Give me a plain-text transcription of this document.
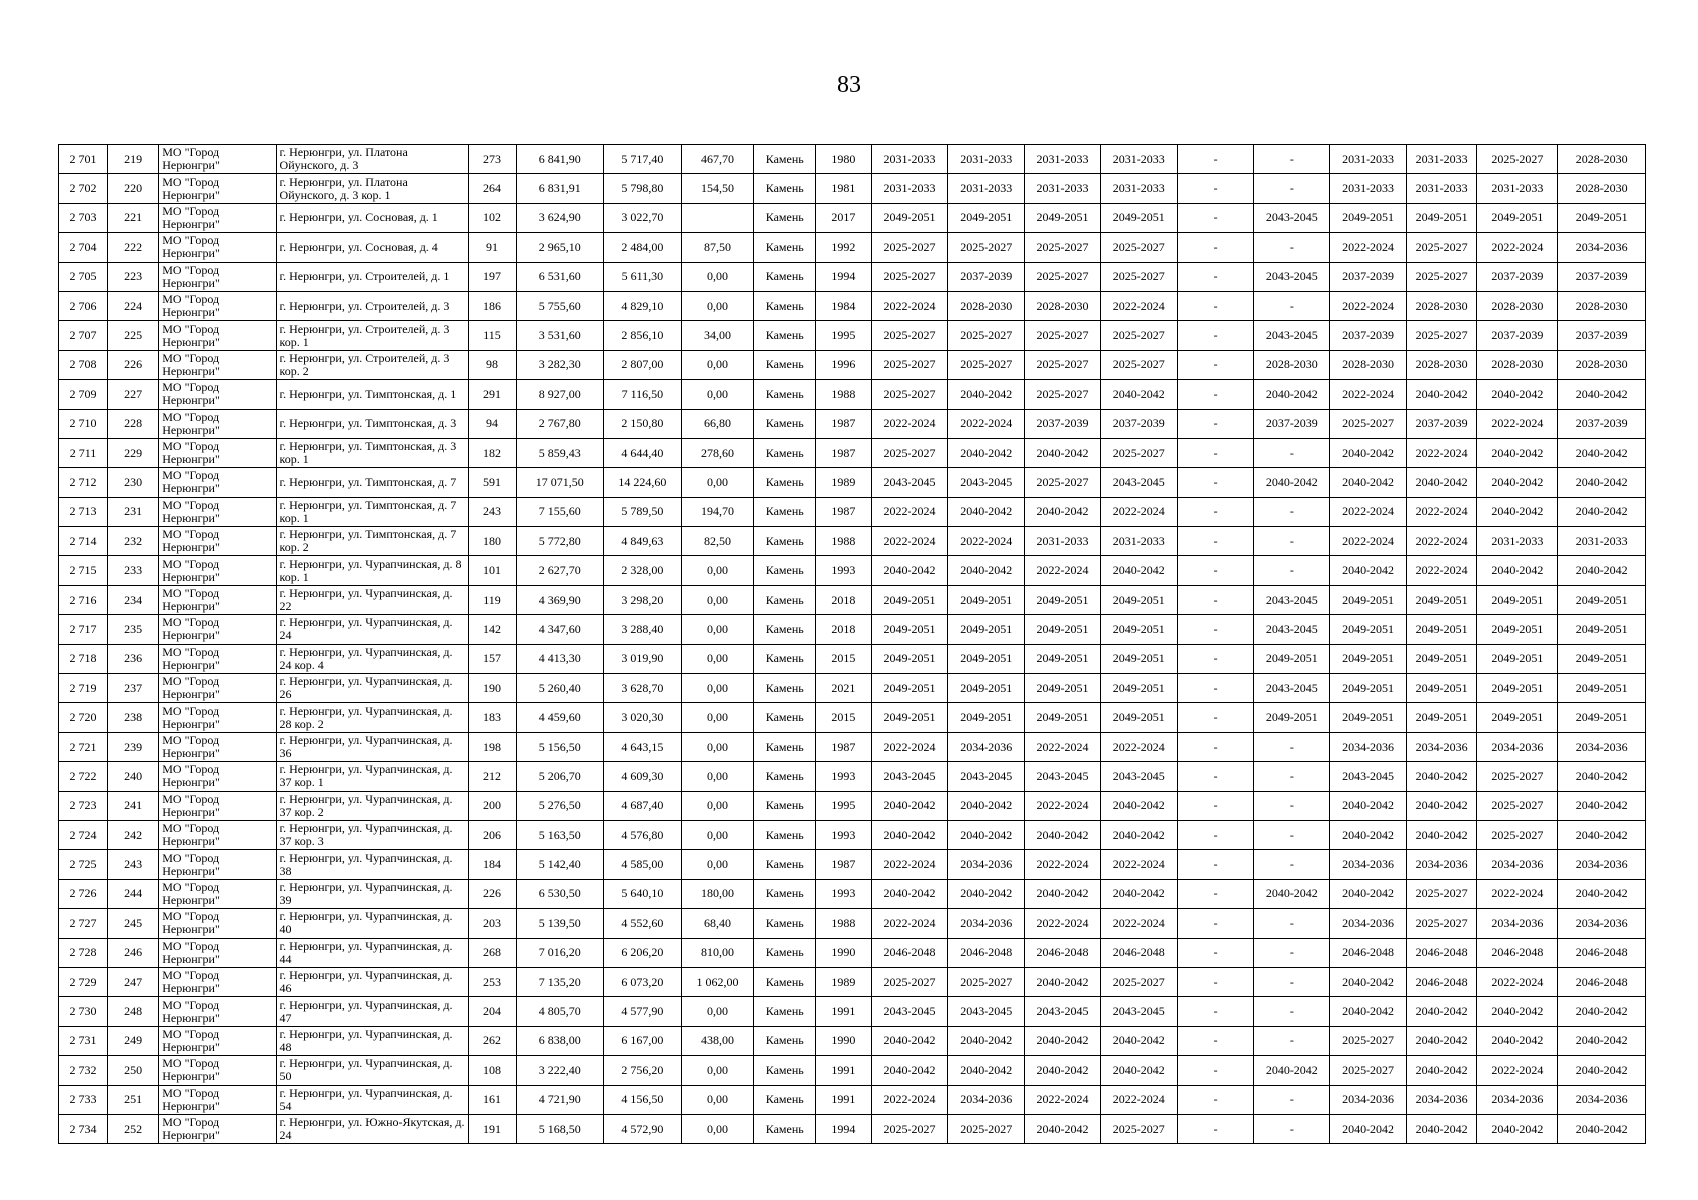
83
2 701	219	МО "Город Нерюнгри"	г. Нерюнгри, ул. Платона Ойунского, д. 3	273	6 841,90	5 717,40	467,70	Камень	1980	2031-2033	2031-2033	2031-2033	2031-2033	-	-	2031-2033	2031-2033	2025-2027	2028-2030
2 702	220	МО "Город Нерюнгри"	г. Нерюнгри, ул. Платона Ойунского, д. 3 кор. 1	264	6 831,91	5 798,80	154,50	Камень	1981	2031-2033	2031-2033	2031-2033	2031-2033	-	-	2031-2033	2031-2033	2031-2033	2028-2030
2 703	221	МО "Город Нерюнгри"	г. Нерюнгри, ул. Сосновая, д. 1	102	3 624,90	3 022,70		Камень	2017	2049-2051	2049-2051	2049-2051	2049-2051	-	2043-2045	2049-2051	2049-2051	2049-2051	2049-2051
2 704	222	МО "Город Нерюнгри"	г. Нерюнгри, ул. Сосновая, д. 4	91	2 965,10	2 484,00	87,50	Камень	1992	2025-2027	2025-2027	2025-2027	2025-2027	-	-	2022-2024	2025-2027	2022-2024	2034-2036
2 705	223	МО "Город Нерюнгри"	г. Нерюнгри, ул. Строителей, д. 1	197	6 531,60	5 611,30	0,00	Камень	1994	2025-2027	2037-2039	2025-2027	2025-2027	-	2043-2045	2037-2039	2025-2027	2037-2039	2037-2039
2 706	224	МО "Город Нерюнгри"	г. Нерюнгри, ул. Строителей, д. 3	186	5 755,60	4 829,10	0,00	Камень	1984	2022-2024	2028-2030	2028-2030	2022-2024	-	-	2022-2024	2028-2030	2028-2030	2028-2030
2 707	225	МО "Город Нерюнгри"	г. Нерюнгри, ул. Строителей, д. 3 кор. 1	115	3 531,60	2 856,10	34,00	Камень	1995	2025-2027	2025-2027	2025-2027	2025-2027	-	2043-2045	2037-2039	2025-2027	2037-2039	2037-2039
2 708	226	МО "Город Нерюнгри"	г. Нерюнгри, ул. Строителей, д. 3 кор. 2	98	3 282,30	2 807,00	0,00	Камень	1996	2025-2027	2025-2027	2025-2027	2025-2027	-	2028-2030	2028-2030	2028-2030	2028-2030	2028-2030
2 709	227	МО "Город Нерюнгри"	г. Нерюнгри, ул. Тимптонская, д. 1	291	8 927,00	7 116,50	0,00	Камень	1988	2025-2027	2040-2042	2025-2027	2040-2042	-	2040-2042	2022-2024	2040-2042	2040-2042	2040-2042
2 710	228	МО "Город Нерюнгри"	г. Нерюнгри, ул. Тимптонская, д. 3	94	2 767,80	2 150,80	66,80	Камень	1987	2022-2024	2022-2024	2037-2039	2037-2039	-	2037-2039	2025-2027	2037-2039	2022-2024	2037-2039
2 711	229	МО "Город Нерюнгри"	г. Нерюнгри, ул. Тимптонская, д. 3 кор. 1	182	5 859,43	4 644,40	278,60	Камень	1987	2025-2027	2040-2042	2040-2042	2025-2027	-	-	2040-2042	2022-2024	2040-2042	2040-2042
2 712	230	МО "Город Нерюнгри"	г. Нерюнгри, ул. Тимптонская, д. 7	591	17 071,50	14 224,60	0,00	Камень	1989	2043-2045	2043-2045	2025-2027	2043-2045	-	2040-2042	2040-2042	2040-2042	2040-2042	2040-2042
2 713	231	МО "Город Нерюнгри"	г. Нерюнгри, ул. Тимптонская, д. 7 кор. 1	243	7 155,60	5 789,50	194,70	Камень	1987	2022-2024	2040-2042	2040-2042	2022-2024	-	-	2022-2024	2022-2024	2040-2042	2040-2042
2 714	232	МО "Город Нерюнгри"	г. Нерюнгри, ул. Тимптонская, д. 7 кор. 2	180	5 772,80	4 849,63	82,50	Камень	1988	2022-2024	2022-2024	2031-2033	2031-2033	-	-	2022-2024	2022-2024	2031-2033	2031-2033
2 715	233	МО "Город Нерюнгри"	г. Нерюнгри, ул. Чурапчинская, д. 8 кор. 1	101	2 627,70	2 328,00	0,00	Камень	1993	2040-2042	2040-2042	2022-2024	2040-2042	-	-	2040-2042	2022-2024	2040-2042	2040-2042
2 716	234	МО "Город Нерюнгри"	г. Нерюнгри, ул. Чурапчинская, д. 22	119	4 369,90	3 298,20	0,00	Камень	2018	2049-2051	2049-2051	2049-2051	2049-2051	-	2043-2045	2049-2051	2049-2051	2049-2051	2049-2051
2 717	235	МО "Город Нерюнгри"	г. Нерюнгри, ул. Чурапчинская, д. 24	142	4 347,60	3 288,40	0,00	Камень	2018	2049-2051	2049-2051	2049-2051	2049-2051	-	2043-2045	2049-2051	2049-2051	2049-2051	2049-2051
2 718	236	МО "Город Нерюнгри"	г. Нерюнгри, ул. Чурапчинская, д. 24 кор. 4	157	4 413,30	3 019,90	0,00	Камень	2015	2049-2051	2049-2051	2049-2051	2049-2051	-	2049-2051	2049-2051	2049-2051	2049-2051	2049-2051
2 719	237	МО "Город Нерюнгри"	г. Нерюнгри, ул. Чурапчинская, д. 26	190	5 260,40	3 628,70	0,00	Камень	2021	2049-2051	2049-2051	2049-2051	2049-2051	-	2043-2045	2049-2051	2049-2051	2049-2051	2049-2051
2 720	238	МО "Город Нерюнгри"	г. Нерюнгри, ул. Чурапчинская, д. 28 кор. 2	183	4 459,60	3 020,30	0,00	Камень	2015	2049-2051	2049-2051	2049-2051	2049-2051	-	2049-2051	2049-2051	2049-2051	2049-2051	2049-2051
2 721	239	МО "Город Нерюнгри"	г. Нерюнгри, ул. Чурапчинская, д. 36	198	5 156,50	4 643,15	0,00	Камень	1987	2022-2024	2034-2036	2022-2024	2022-2024	-	-	2034-2036	2034-2036	2034-2036	2034-2036
2 722	240	МО "Город Нерюнгри"	г. Нерюнгри, ул. Чурапчинская, д. 37 кор. 1	212	5 206,70	4 609,30	0,00	Камень	1993	2043-2045	2043-2045	2043-2045	2043-2045	-	-	2043-2045	2040-2042	2025-2027	2040-2042
2 723	241	МО "Город Нерюнгри"	г. Нерюнгри, ул. Чурапчинская, д. 37 кор. 2	200	5 276,50	4 687,40	0,00	Камень	1995	2040-2042	2040-2042	2022-2024	2040-2042	-	-	2040-2042	2040-2042	2025-2027	2040-2042
2 724	242	МО "Город Нерюнгри"	г. Нерюнгри, ул. Чурапчинская, д. 37 кор. 3	206	5 163,50	4 576,80	0,00	Камень	1993	2040-2042	2040-2042	2040-2042	2040-2042	-	-	2040-2042	2040-2042	2025-2027	2040-2042
2 725	243	МО "Город Нерюнгри"	г. Нерюнгри, ул. Чурапчинская, д. 38	184	5 142,40	4 585,00	0,00	Камень	1987	2022-2024	2034-2036	2022-2024	2022-2024	-	-	2034-2036	2034-2036	2034-2036	2034-2036
2 726	244	МО "Город Нерюнгри"	г. Нерюнгри, ул. Чурапчинская, д. 39	226	6 530,50	5 640,10	180,00	Камень	1993	2040-2042	2040-2042	2040-2042	2040-2042	-	2040-2042	2040-2042	2025-2027	2022-2024	2040-2042
2 727	245	МО "Город Нерюнгри"	г. Нерюнгри, ул. Чурапчинская, д. 40	203	5 139,50	4 552,60	68,40	Камень	1988	2022-2024	2034-2036	2022-2024	2022-2024	-	-	2034-2036	2025-2027	2034-2036	2034-2036
2 728	246	МО "Город Нерюнгри"	г. Нерюнгри, ул. Чурапчинская, д. 44	268	7 016,20	6 206,20	810,00	Камень	1990	2046-2048	2046-2048	2046-2048	2046-2048	-	-	2046-2048	2046-2048	2046-2048	2046-2048
2 729	247	МО "Город Нерюнгри"	г. Нерюнгри, ул. Чурапчинская, д. 46	253	7 135,20	6 073,20	1 062,00	Камень	1989	2025-2027	2025-2027	2040-2042	2025-2027	-	-	2040-2042	2046-2048	2022-2024	2046-2048
2 730	248	МО "Город Нерюнгри"	г. Нерюнгри, ул. Чурапчинская, д. 47	204	4 805,70	4 577,90	0,00	Камень	1991	2043-2045	2043-2045	2043-2045	2043-2045	-	-	2040-2042	2040-2042	2040-2042	2040-2042
2 731	249	МО "Город Нерюнгри"	г. Нерюнгри, ул. Чурапчинская, д. 48	262	6 838,00	6 167,00	438,00	Камень	1990	2040-2042	2040-2042	2040-2042	2040-2042	-	-	2025-2027	2040-2042	2040-2042	2040-2042
2 732	250	МО "Город Нерюнгри"	г. Нерюнгри, ул. Чурапчинская, д. 50	108	3 222,40	2 756,20	0,00	Камень	1991	2040-2042	2040-2042	2040-2042	2040-2042	-	2040-2042	2025-2027	2040-2042	2022-2024	2040-2042
2 733	251	МО "Город Нерюнгри"	г. Нерюнгри, ул. Чурапчинская, д. 54	161	4 721,90	4 156,50	0,00	Камень	1991	2022-2024	2034-2036	2022-2024	2022-2024	-	-	2034-2036	2034-2036	2034-2036	2034-2036
2 734	252	МО "Город Нерюнгри"	г. Нерюнгри, ул. Южно-Якутская, д. 24	191	5 168,50	4 572,90	0,00	Камень	1994	2025-2027	2025-2027	2040-2042	2025-2027	-	-	2040-2042	2040-2042	2040-2042	2040-2042
